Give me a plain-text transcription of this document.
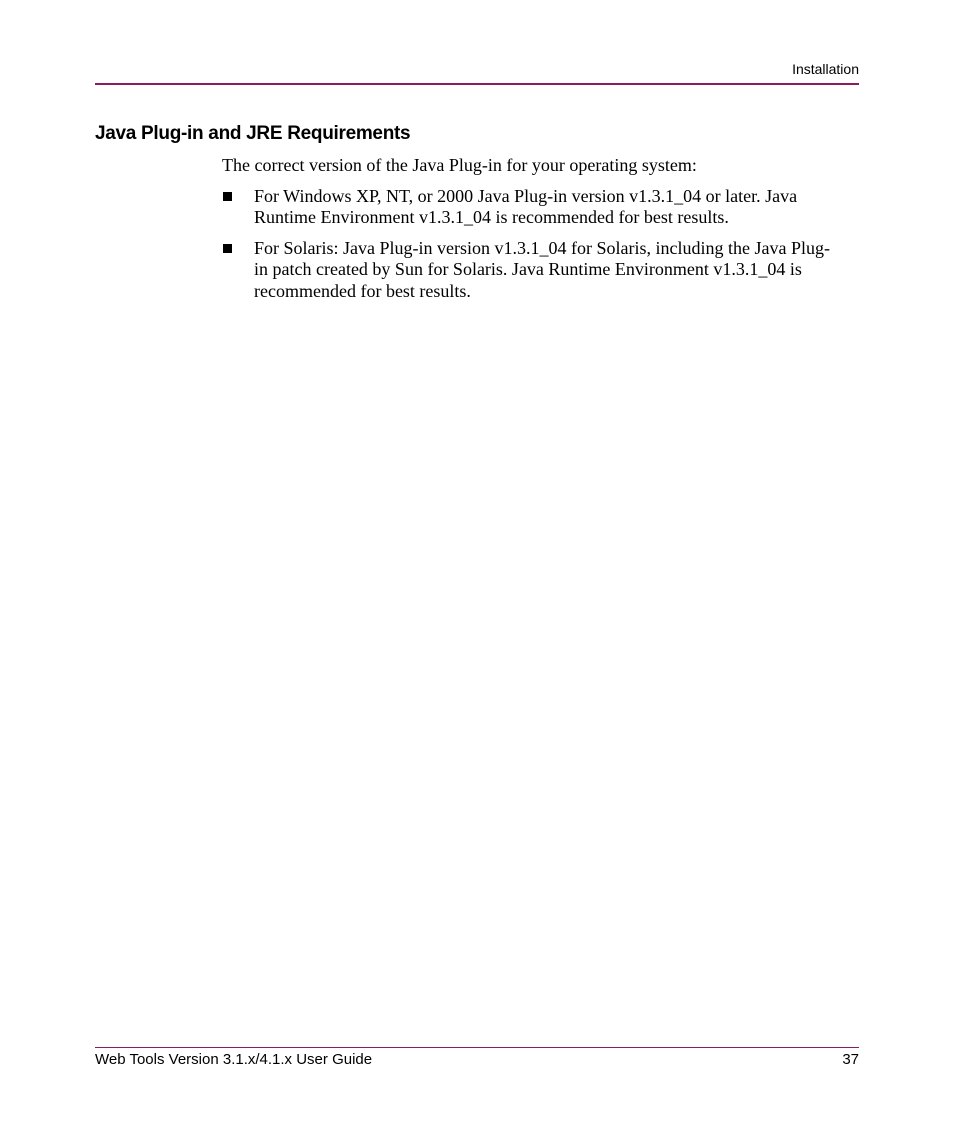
Installation
Java Plug-in and JRE Requirements

The correct version of the Java Plug-in for your operating system:

For Windows XP, NT, or 2000 Java Plug-in version v1.3.1_04 or later. Java Runtime Environment v1.3.1_04 is recommended for best results.
For Solaris: Java Plug-in version v1.3.1_04 for Solaris, including the Java Plug-in patch created by Sun for Solaris. Java Runtime Environment v1.3.1_04 is recommended for best results.
Web Tools Version 3.1.x/4.1.x User Guide	37
